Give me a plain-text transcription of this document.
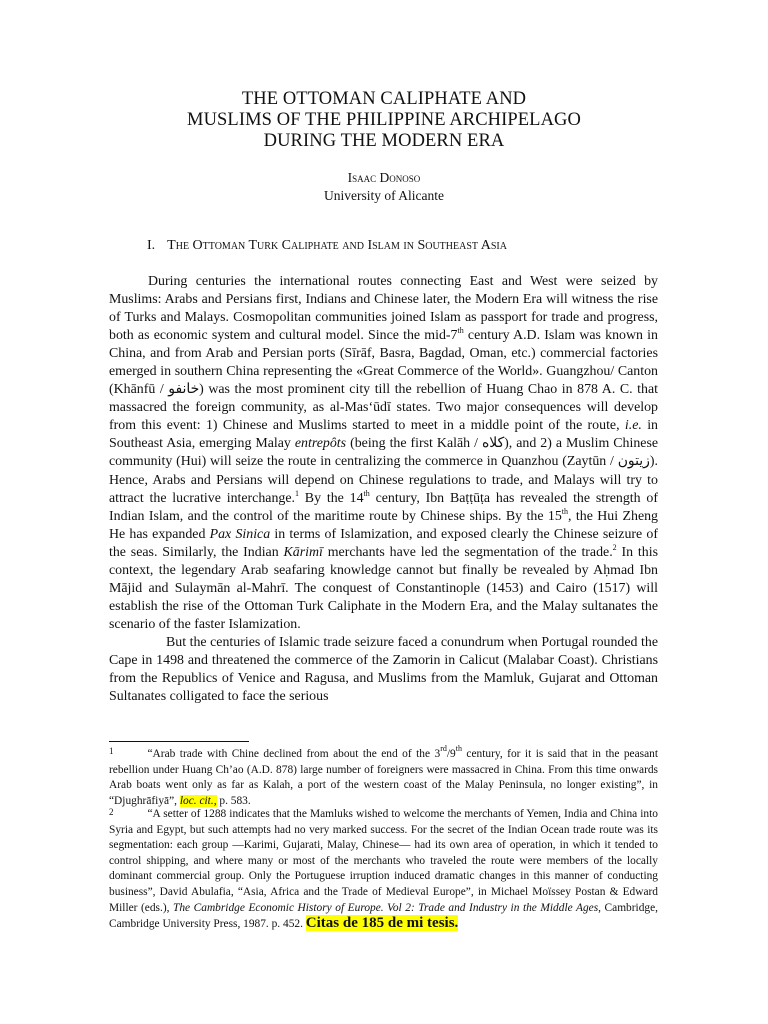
THE OTTOMAN CALIPHATE AND
MUSLIMS OF THE PHILIPPINE ARCHIPELAGO
DURING THE MODERN ERA
Isaac Donoso
University of Alicante
I. The Ottoman Turk Caliphate and Islam in Southeast Asia

During centuries the international routes connecting East and West were seized by Muslims: Arabs and Persians first, Indians and Chinese later, the Modern Era will witness the rise of Turks and Malays. Cosmopolitan communities joined Islam as passport for trade and progress, both as economic system and cultural model. Since the mid-7th century A.D. Islam was known in China, and from Arab and Persian ports (Sīrāf, Basra, Bagdad, Oman, etc.) commercial factories emerged in southern China representing the «Great Commerce of the World». Guangzhou/ Canton (Khānfū / خانفو) was the most prominent city till the rebellion of Huang Chao in 878 A. C. that massacred the foreign community, as al-Mas‘ūdī states. Two major consequences will develop from this event: 1) Chinese and Muslims started to meet in a middle point of the route, i.e. in Southeast Asia, emerging Malay entrepôts (being the first Kalāh / كلاه), and 2) a Muslim Chinese community (Hui) will seize the route in centralizing the commerce in Quanzhou (Zaytūn / زيتون). Hence, Arabs and Persians will depend on Chinese regulations to trade, and Malays will try to attract the lucrative interchange.$^1$ By the 14th century, Ibn Baṭṭūṭa has revealed the strength of Indian Islam, and the control of the maritime route by Chinese ships. By the 15th, the Hui Zheng He has expanded Pax Sinica in terms of Islamization, and exposed clearly the Chinese seizure of the seas. Similarly, the Indian Kārimī merchants have led the segmentation of the trade.$^2$ In this context, the legendary Arab seafaring knowledge cannot but finally be revealed by Aḥmad Ibn Mājid and Sulaymān al-Mahrī. The conquest of Constantinople (1453) and Cairo (1517) will establish the rise of the Ottoman Turk Caliphate in the Modern Era, and the Malay sultanates the scenario of the faster Islamization.

But the centuries of Islamic trade seizure faced a conundrum when Portugal rounded the Cape in 1498 and threatened the commerce of the Zamorin in Calicut (Malabar Coast). Christians from the Republics of Venice and Ragusa, and Muslims from the Mamluk, Gujarat and Ottoman Sultanates colligated to face the serious

$^1$	“Arab trade with Chine declined from about the end of the 3rd/9th century, for it is said that in the peasant rebellion under Huang Ch’ao (A.D. 878) large number of foreigners were massacred in China. From this time onwards Arab boats went only as far as Kalah, a port of the western coast of the Malay Peninsula, no longer existing”, in “Djughrāfiyā”, loc. cit., p. 583.
2	“A setter of 1288 indicates that the Mamluks wished to welcome the merchants of Yemen, India and China into Syria and Egypt, but such attempts had no very marked success. For the secret of the Indian Ocean trade route was its segmentation: each group —Karimi, Gujarati, Malay, Chinese— had its own area of operation, in which it tended to control shipping, and where many or most of the merchants who traveled the route were members of the locally dominant commercial group. Only the Portuguese irruption induced dramatic changes in this manner of conducting business”, David Abulafia, “Asia, Africa and the Trade of Medieval Europe”, in Michael Moïssey Postan & Edward Miller (eds.), The Cambridge Economic History of Europe. Vol 2: Trade and Industry in the Middle Ages, Cambridge, Cambridge University Press, 1987. p. 452. Citas de 185 de mi tesis.
